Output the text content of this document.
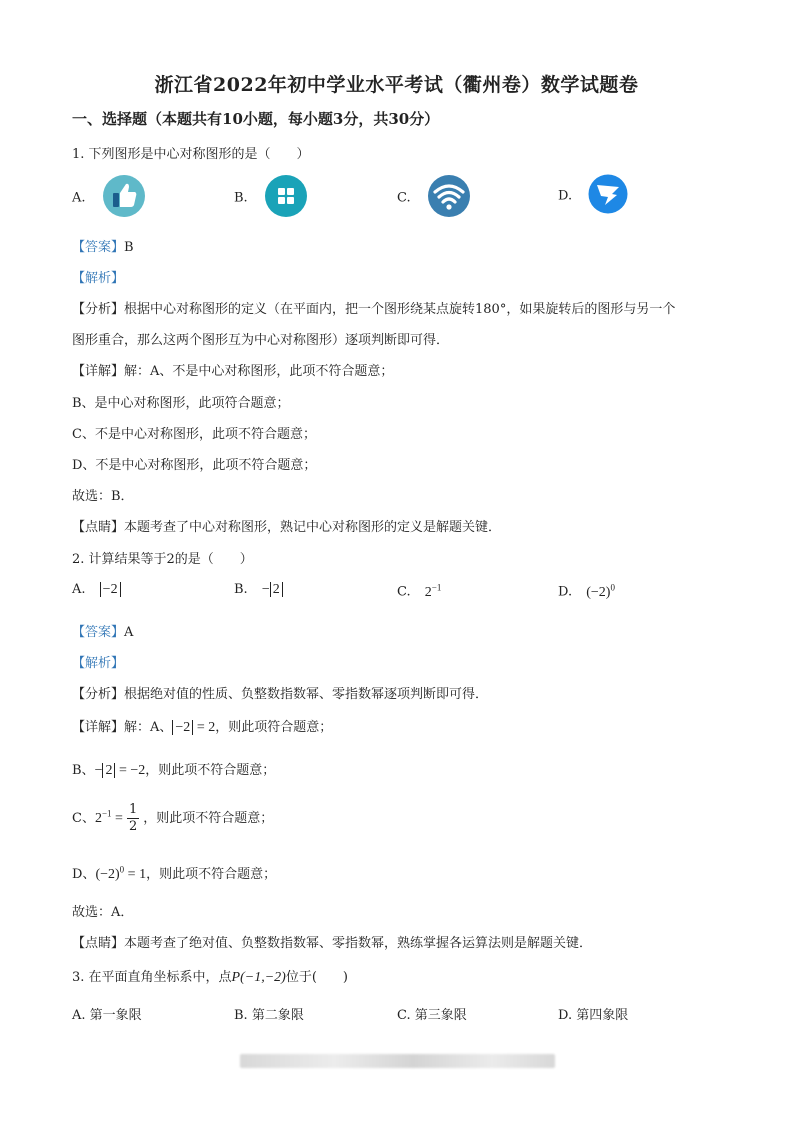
浙江省2022年初中学业水平考试（衢州卷）数学试题卷
一、选择题（本题共有10小题，每小题3分，共30分）
1. 下列图形是中心对称图形的是（　　）
A.	B.	C.	D.
【答案】B
【解析】
【分析】根据中心对称图形的定义（在平面内，把一个图形绕某点旋转180°，如果旋转后的图形与另一个
图形重合，那么这两个图形互为中心对称图形）逐项判断即可得．
【详解】解：A、不是中心对称图形，此项不符合题意；
B、是中心对称图形，此项符合题意；
C、不是中心对称图形，此项不符合题意；
D、不是中心对称图形，此项不符合题意；
故选：B．
【点睛】本题考查了中心对称图形，熟记中心对称图形的定义是解题关键．
2. 计算结果等于2的是（　　）
A. −2	B. − 2	C. $2^{-1}$	D. $(-2)^0$
【答案】A
【解析】
【分析】根据绝对值的性质、负整数指数幂、零指数幂逐项判断即可得．
【详解】解：A、 −2 = 2，则此项符合题意；
B、− 2 = −2，则此项不符合题意；
C、$2^{-1} = \frac{1}{2}$ ，则此项不符合题意；
D、$(-2)^0 = 1$，则此项不符合题意；
故选：A．
【点睛】本题考查了绝对值、负整数指数幂、零指数幂，熟练掌握各运算法则是解题关键．
3. 在平面直角坐标系中，点P(−1,−2)位于(　　)
A. 第一象限	B. 第二象限	C. 第三象限	D. 第四象限
